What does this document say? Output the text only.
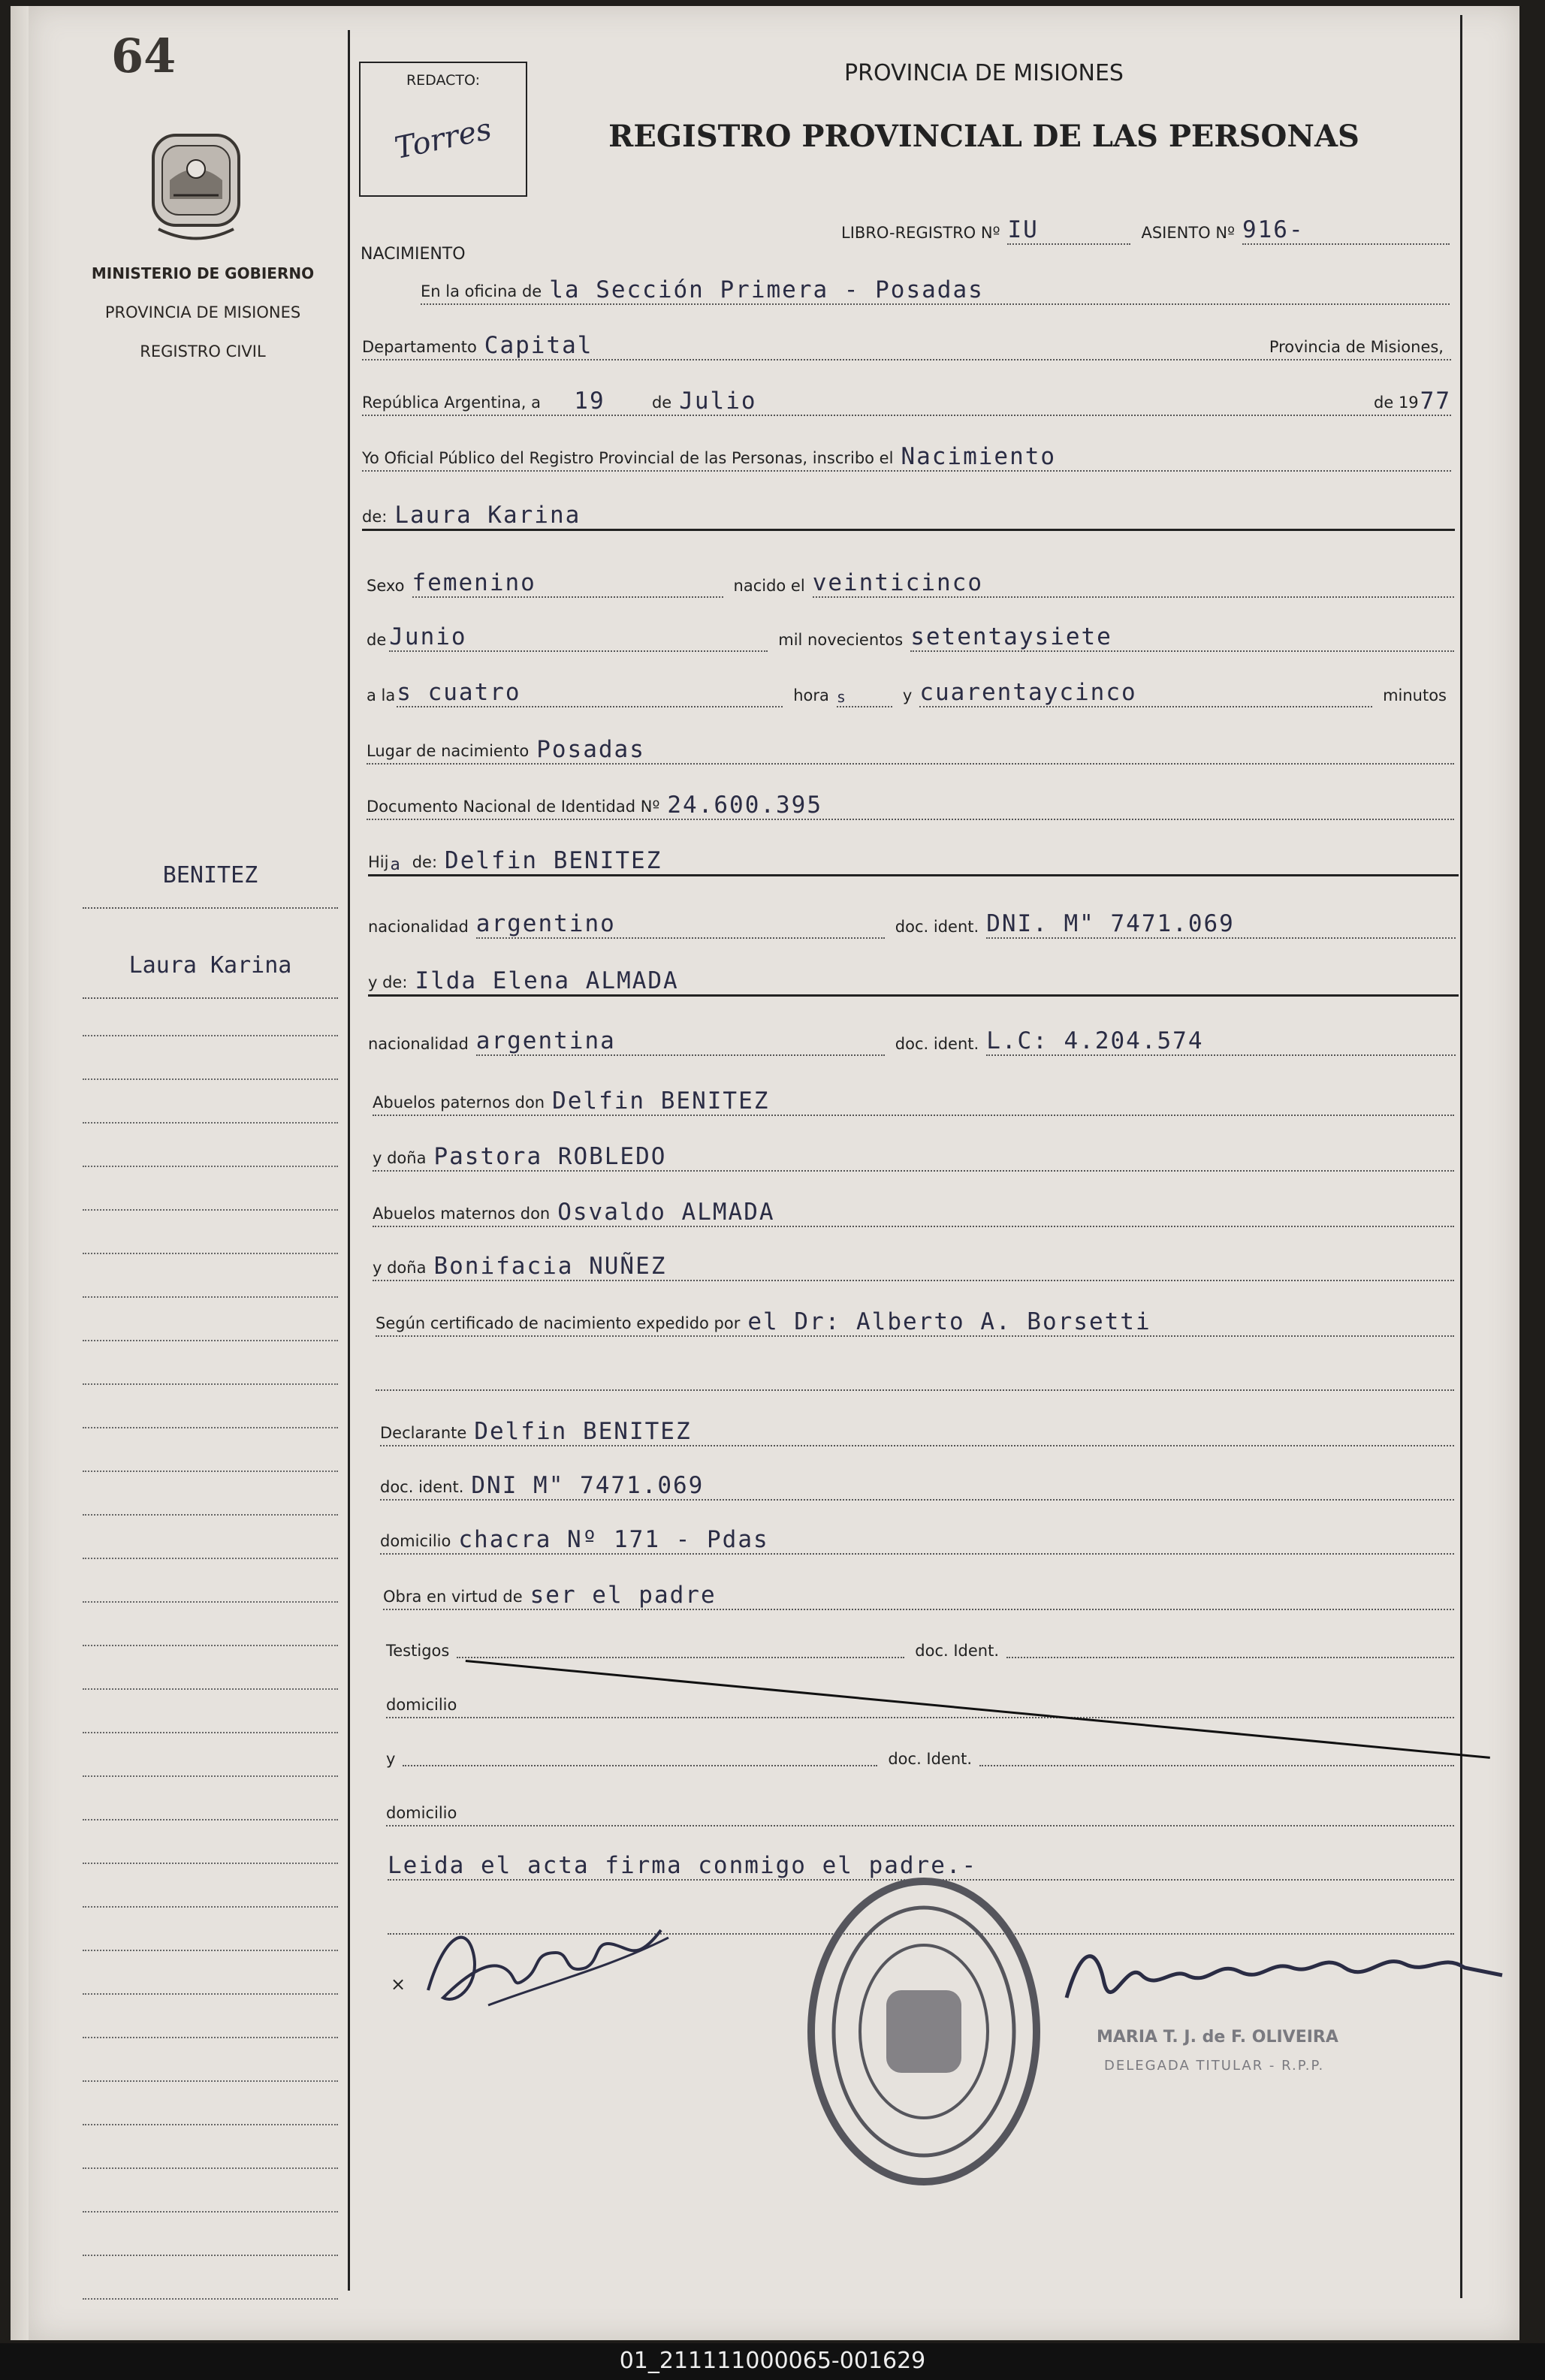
64
MINISTERIO DE GOBIERNO
PROVINCIA DE MISIONES
REGISTRO CIVIL
BENITEZ
Laura Karina
REDACTO:
Torres
PROVINCIA DE MISIONES
REGISTRO PROVINCIAL DE LAS PERSONAS
NACIMIENTO
LIBRO-REGISTRO Nº IU	ASIENTO Nº 916-
En la oficina de la Sección Primera - Posadas
Departamento Capital	Provincia de Misiones,
República Argentina, a	19	de Julio	de 19 77
Yo Oficial Público del Registro Provincial de las Personas, inscribo el Nacimiento
de: Laura Karina
Sexo femenino	nacido el veinticinco
de Junio	mil novecientos setentaysiete
a la s cuatro	hora s	y cuarentaycinco	minutos
Lugar de nacimiento Posadas
Documento Nacional de Identidad Nº 24.600.395
Hij a de: Delfin BENITEZ
nacionalidad argentino	doc. ident. DNI. M" 7471.069
y de: Ilda Elena ALMADA
nacionalidad argentina	doc. ident. L.C: 4.204.574
Abuelos paternos don Delfin BENITEZ
y doña Pastora ROBLEDO
Abuelos maternos don Osvaldo ALMADA
y doña Bonifacia NUÑEZ
Según certificado de nacimiento expedido por el Dr: Alberto A. Borsetti
Declarante Delfin BENITEZ
doc. ident. DNI M" 7471.069
domicilio chacra Nº 171 - Pdas
Obra en virtud de ser el padre
Testigos	doc. Ident.
domicilio
y	doc. Ident.
domicilio
Leida el acta firma conmigo el padre.-
×
MARIA T. J. de F. OLIVEIRA
DELEGADA TITULAR - R.P.P.
01_211111000065-001629
